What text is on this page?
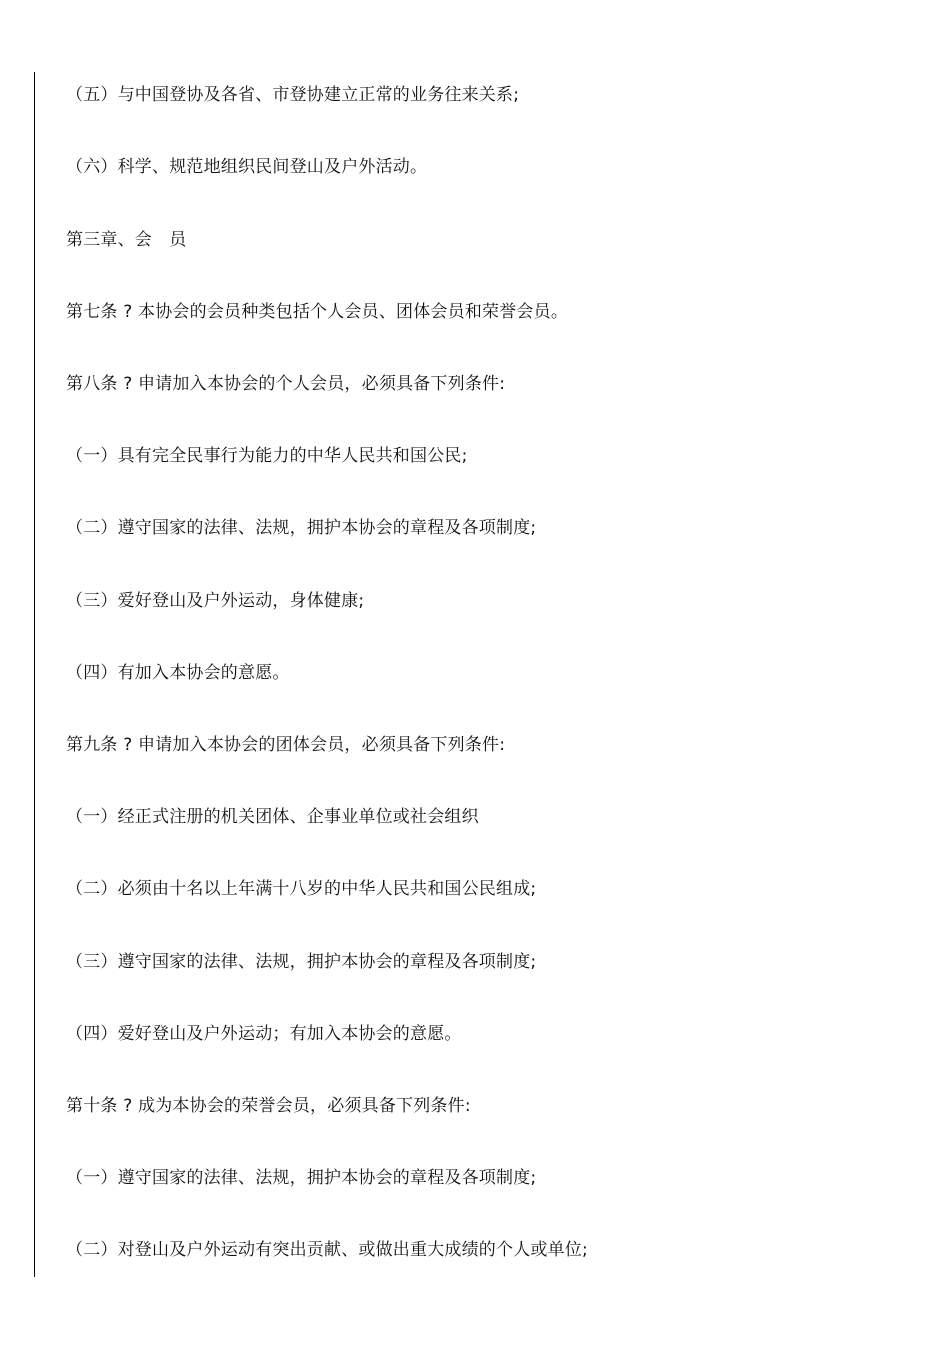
（五）与中国登协及各省、市登协建立正常的业务往来关系;
（六）科学、规范地组织民间登山及户外活动。
第三章、会　员
第七条 ? 本协会的会员种类包括个人会员、团体会员和荣誉会员。
第八条 ? 申请加入本协会的个人会员，必须具备下列条件:
（一）具有完全民事行为能力的中华人民共和国公民;
（二）遵守国家的法律、法规，拥护本协会的章程及各项制度;
（三）爱好登山及户外运动，身体健康;
（四）有加入本协会的意愿。
第九条 ? 申请加入本协会的团体会员，必须具备下列条件:
（一）经正式注册的机关团体、企事业单位或社会组织
（二）必须由十名以上年满十八岁的中华人民共和国公民组成;
（三）遵守国家的法律、法规，拥护本协会的章程及各项制度;
（四）爱好登山及户外运动；有加入本协会的意愿。
第十条 ? 成为本协会的荣誉会员，必须具备下列条件:
（一）遵守国家的法律、法规，拥护本协会的章程及各项制度;
（二）对登山及户外运动有突出贡献、或做出重大成绩的个人或单位;
